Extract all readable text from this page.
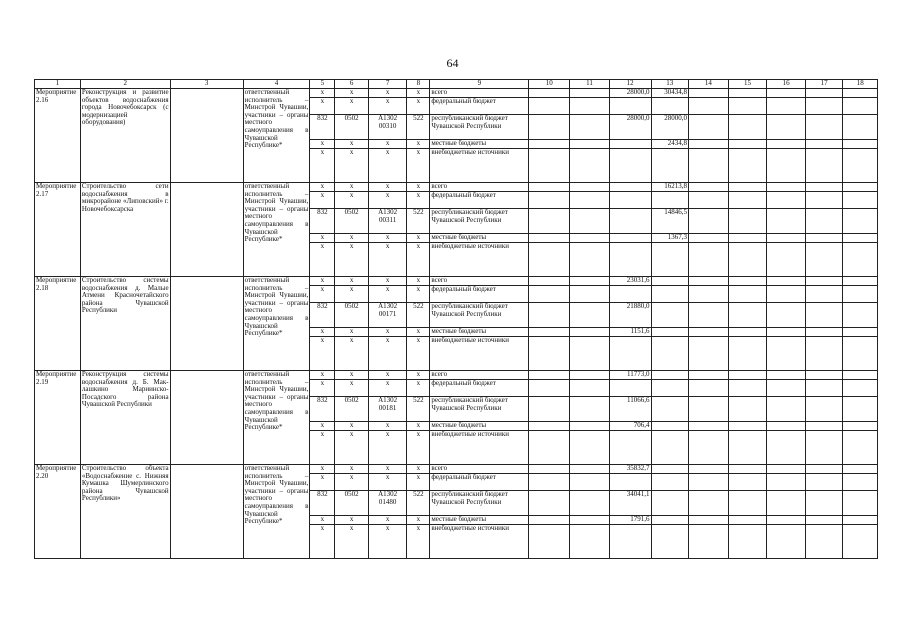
64
1	2	3	4	5	6	7	8	9	10	11	12	13	14	15	16	17	18
Мероприятие 2.16	Реконструкция и развитие объектов водоснабжения города Новочебоксарск (с модернизацией оборудования)		ответственный исполнитель – Минстрой Чувашии, участники – органы местного самоуправления в Чувашской Республике*	x	x	x	x	всего			28000,0	30434,8					
				x	x	x	x	федеральный бюджет									
				832	0502	А1302 00310	522	республиканский бюджет Чувашской Республики			28000,0	28000,0					
				x	x	x	x	местные бюджеты				2434,8					
				x	x	x	x	внебюджетные источники									
Мероприятие 2.17	Строительство сети водоснабжения в микрорайоне «Липовский» г. Новочебоксарска		ответственный исполнитель – Минстрой Чувашии, участники – органы местного самоуправления в Чувашской Республике*	x	x	x	x	всего				16213,8					
				x	x	x	x	федеральный бюджет									
				832	0502	А1302 00311	522	республиканский бюджет Чувашской Республики				14846,5					
				x	x	x	x	местные бюджеты				1367,3					
				x	x	x	x	внебюджетные источники									
Мероприятие 2.18	Строительство системы водоснабжения д. Малые Атмени Красночетайского района Чувашской Республики		ответственный исполнитель – Минстрой Чувашии, участники – органы местного самоуправления в Чувашской Республике*	x	x	x	x	всего			23031,6						
				x	x	x	x	федеральный бюджет									
				832	0502	А1302 00171	522	республиканский бюджет Чувашской Республики			21880,0						
				x	x	x	x	местные бюджеты			1151,6						
				x	x	x	x	внебюджетные источники									
Мероприятие 2.19	Реконструкция системы водоснабжения д. Б. Мак-лашкино Мариинско-Посадского района Чувашской Республики		ответственный исполнитель – Минстрой Чувашии, участники – органы местного самоуправления в Чувашской Республике*	x	x	x	x	всего			11773,0						
				x	x	x	x	федеральный бюджет									
				832	0502	А1302 00181	522	республиканский бюджет Чувашской Республики			11066,6						
				x	x	x	x	местные бюджеты			706,4						
				x	x	x	x	внебюджетные источники									
Мероприятие 2.20	Строительство объекта «Водоснабжение с. Нижняя Кумашка Шумерлинского района Чувашской Республики»		ответственный исполнитель – Минстрой Чувашии, участники – органы местного самоуправления в Чувашской Республике*	x	x	x	x	всего			35832,7						
				x	x	x	x	федеральный бюджет									
				832	0502	А1302 01480	522	республиканский бюджет Чувашской Республики			34041,1						
				x	x	x	x	местные бюджеты			1791,6						
				x	x	x	x	внебюджетные источники									
